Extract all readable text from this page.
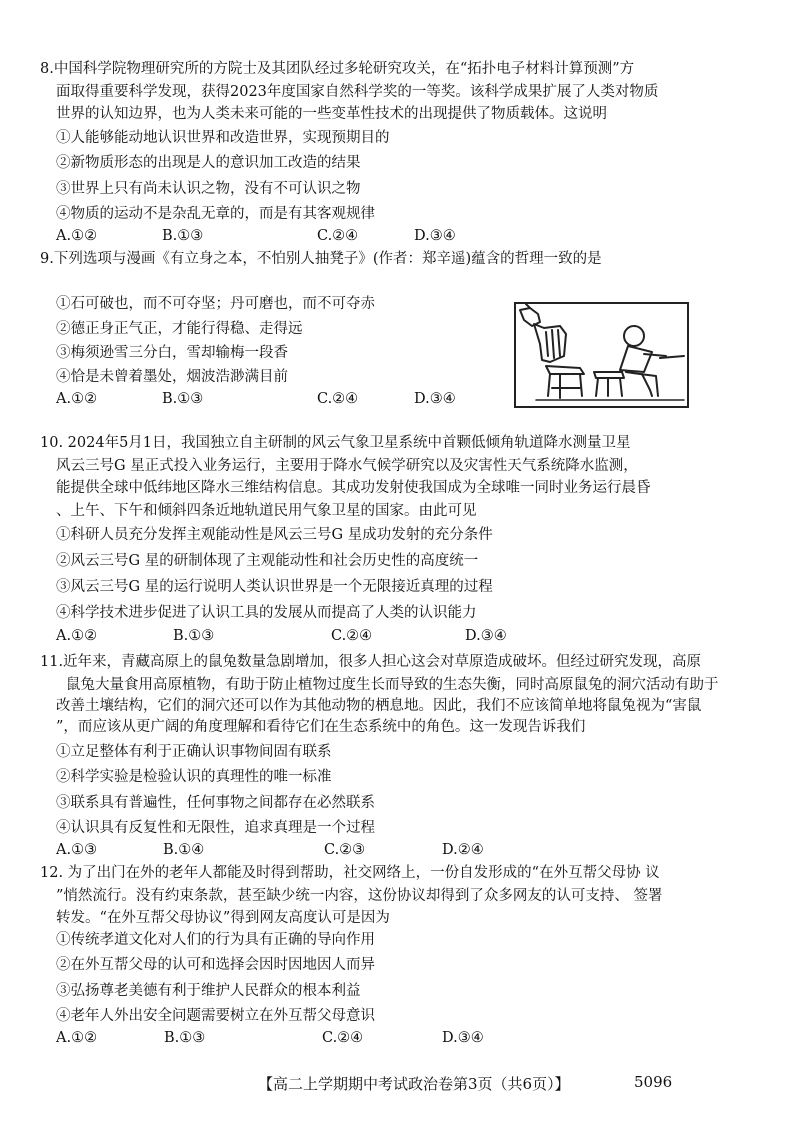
8.中国科学院物理研究所的方院士及其团队经过多轮研究攻关，在“拓扑电子材料计算预测”方
面取得重要科学发现，获得2023年度国家自然科学奖的一等奖。该科学成果扩展了人类对物质
世界的认知边界，也为人类未来可能的一些变革性技术的出现提供了物质载体。这说明
①人能够能动地认识世界和改造世界，实现预期目的
②新物质形态的出现是人的意识加工改造的结果
③世界上只有尚未认识之物，没有不可认识之物
④物质的运动不是杂乱无章的，而是有其客观规律
A.①②	B.①③	C.②④	D.③④
9.下列选项与漫画《有立身之本，不怕别人抽凳子》(作者：郑辛遥)蕴含的哲理一致的是
①石可破也，而不可夺坚；丹可磨也，而不可夺赤
②德正身正气正，才能行得稳、走得远
③梅须逊雪三分白，雪却输梅一段香
④恰是未曾着墨处，烟波浩渺满目前
A.①②	B.①③	C.②④	D.③④
10. 2024年5月1日，我国独立自主研制的风云气象卫星系统中首颗低倾角轨道降水测量卫星
风云三号G 星正式投入业务运行，主要用于降水气候学研究以及灾害性天气系统降水监测，
能提供全球中低纬地区降水三维结构信息。其成功发射使我国成为全球唯一同时业务运行晨昏
、上午、下午和倾斜四条近地轨道民用气象卫星的国家。由此可见
①科研人员充分发挥主观能动性是风云三号G 星成功发射的充分条件
②风云三号G 星的研制体现了主观能动性和社会历史性的高度统一
③风云三号G 星的运行说明人类认识世界是一个无限接近真理的过程
④科学技术进步促进了认识工具的发展从而提高了人类的认识能力
A.①②	B.①③	C.②④	D.③④
11.近年来，青藏高原上的鼠兔数量急剧增加，很多人担心这会对草原造成破坏。但经过研究发现，高原
鼠兔大量食用高原植物，有助于防止植物过度生长而导致的生态失衡，同时高原鼠兔的洞穴活动有助于
改善土壤结构，它们的洞穴还可以作为其他动物的栖息地。因此，我们不应该简单地将鼠兔视为“害鼠
”，而应该从更广阔的角度理解和看待它们在生态系统中的角色。这一发现告诉我们
①立足整体有利于正确认识事物间固有联系
②科学实验是检验认识的真理性的唯一标准
③联系具有普遍性，任何事物之间都存在必然联系
④认识具有反复性和无限性，追求真理是一个过程
A.①③	B.①④	C.②③	D.②④
12. 为了出门在外的老年人都能及时得到帮助，社交网络上，一份自发形成的“在外互帮父母协 议
”悄然流行。没有约束条款，甚至缺少统一内容，这份协议却得到了众多网友的认可支持、 签署
转发。“在外互帮父母协议”得到网友高度认可是因为
①传统孝道文化对人们的行为具有正确的导向作用
②在外互帮父母的认可和选择会因时因地因人而异
③弘扬尊老美德有利于维护人民群众的根本利益
④老年人外出安全问题需要树立在外互帮父母意识
A.①②	B.①③	C.②④	D.③④
【高二上学期期中考试政治卷第3页（共6页）】	5096
